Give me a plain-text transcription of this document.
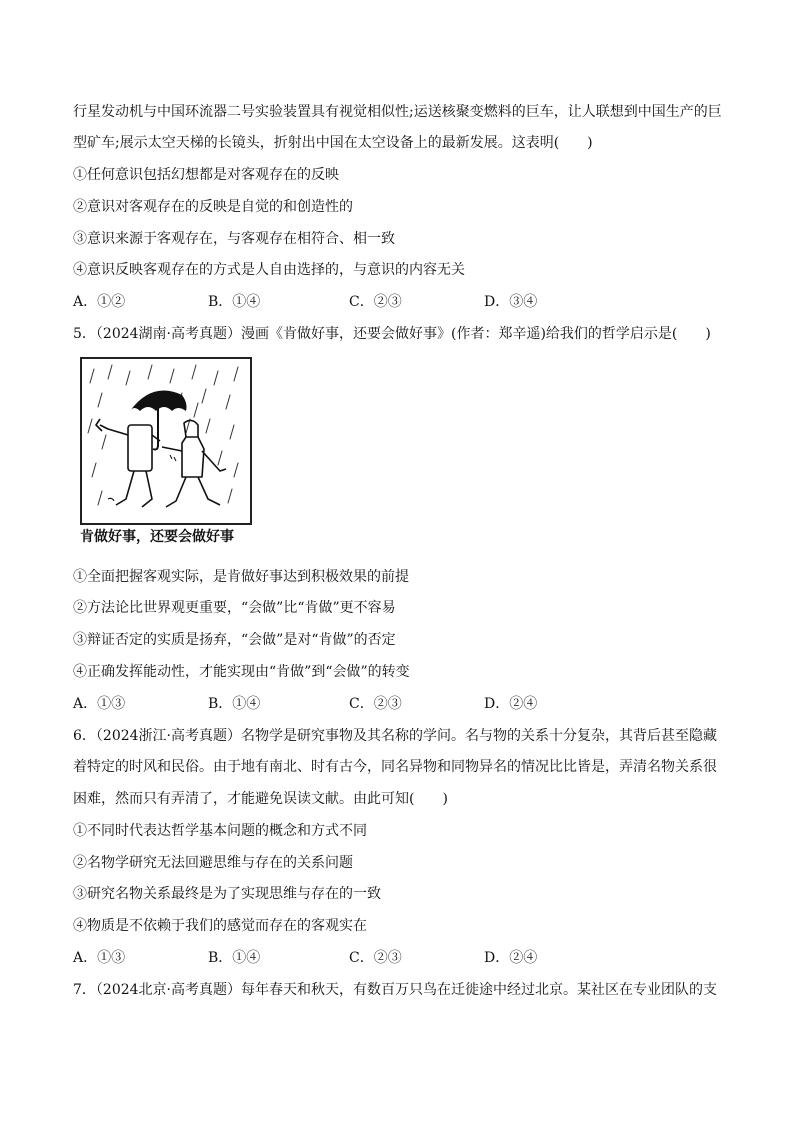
行星发动机与中国环流器二号实验装置具有视觉相似性;运送核聚变燃料的巨车，让人联想到中国生产的巨
型矿车;展示太空天梯的长镜头，折射出中国在太空设备上的最新发展。这表明(　　)
①任何意识包括幻想都是对客观存在的反映
②意识对客观存在的反映是自觉的和创造性的
③意识来源于客观存在，与客观存在相符合、相一致
④意识反映客观存在的方式是人自由选择的，与意识的内容无关
A．①②	B．①④	C．②③	D．③④
5．（2024湖南·高考真题）漫画《肯做好事，还要会做好事》(作者：郑辛遥)给我们的哲学启示是(　　)
肯做好事，还要会做好事
①全面把握客观实际，是肯做好事达到积极效果的前提
②方法论比世界观更重要，“会做”比“肯做”更不容易
③辩证否定的实质是扬弃，“会做”是对“肯做”的否定
④正确发挥能动性，才能实现由“肯做”到“会做”的转变
A．①③	B．①④	C．②③	D．②④
6．（2024浙江·高考真题）名物学是研究事物及其名称的学问。名与物的关系十分复杂，其背后甚至隐藏
着特定的时风和民俗。由于地有南北、时有古今，同名异物和同物异名的情况比比皆是，弄清名物关系很
困难，然而只有弄清了，才能避免误读文献。由此可知(　　)
①不同时代表达哲学基本问题的概念和方式不同
②名物学研究无法回避思维与存在的关系问题
③研究名物关系最终是为了实现思维与存在的一致
④物质是不依赖于我们的感觉而存在的客观实在
A．①③	B．①④	C．②③	D．②④
7．（2024北京·高考真题）每年春天和秋天，有数百万只鸟在迁徙途中经过北京。某社区在专业团队的支
